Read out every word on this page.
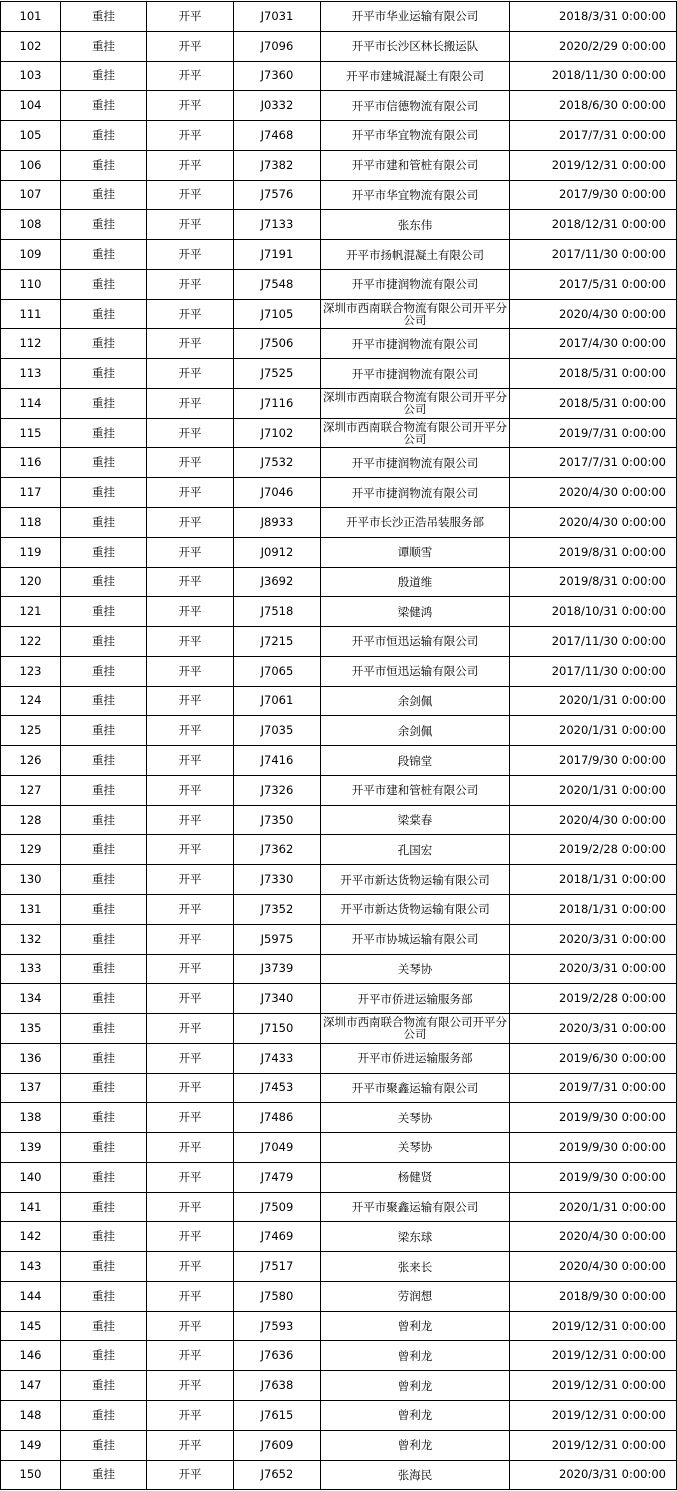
101	重挂	开平	J7031	开平市华业运输有限公司	2018/3/31 0:00:00
102	重挂	开平	J7096	开平市长沙区林长搬运队	2020/2/29 0:00:00
103	重挂	开平	J7360	开平市建城混凝土有限公司	2018/11/30 0:00:00
104	重挂	开平	J0332	开平市信德物流有限公司	2018/6/30 0:00:00
105	重挂	开平	J7468	开平市华宜物流有限公司	2017/7/31 0:00:00
106	重挂	开平	J7382	开平市建和管桩有限公司	2019/12/31 0:00:00
107	重挂	开平	J7576	开平市华宜物流有限公司	2017/9/30 0:00:00
108	重挂	开平	J7133	张东伟	2018/12/31 0:00:00
109	重挂	开平	J7191	开平市扬帆混凝土有限公司	2017/11/30 0:00:00
110	重挂	开平	J7548	开平市捷润物流有限公司	2017/5/31 0:00:00
111	重挂	开平	J7105	深圳市西南联合物流有限公司开平分公司	2020/4/30 0:00:00
112	重挂	开平	J7506	开平市捷润物流有限公司	2017/4/30 0:00:00
113	重挂	开平	J7525	开平市捷润物流有限公司	2018/5/31 0:00:00
114	重挂	开平	J7116	深圳市西南联合物流有限公司开平分公司	2018/5/31 0:00:00
115	重挂	开平	J7102	深圳市西南联合物流有限公司开平分公司	2019/7/31 0:00:00
116	重挂	开平	J7532	开平市捷润物流有限公司	2017/7/31 0:00:00
117	重挂	开平	J7046	开平市捷润物流有限公司	2020/4/30 0:00:00
118	重挂	开平	J8933	开平市长沙正浩吊装服务部	2020/4/30 0:00:00
119	重挂	开平	J0912	谭顺雪	2019/8/31 0:00:00
120	重挂	开平	J3692	殷道维	2019/8/31 0:00:00
121	重挂	开平	J7518	梁健鸿	2018/10/31 0:00:00
122	重挂	开平	J7215	开平市恒迅运输有限公司	2017/11/30 0:00:00
123	重挂	开平	J7065	开平市恒迅运输有限公司	2017/11/30 0:00:00
124	重挂	开平	J7061	余剑佩	2020/1/31 0:00:00
125	重挂	开平	J7035	余剑佩	2020/1/31 0:00:00
126	重挂	开平	J7416	段锦堂	2017/9/30 0:00:00
127	重挂	开平	J7326	开平市建和管桩有限公司	2020/1/31 0:00:00
128	重挂	开平	J7350	梁棠春	2020/4/30 0:00:00
129	重挂	开平	J7362	孔国宏	2019/2/28 0:00:00
130	重挂	开平	J7330	开平市新达货物运输有限公司	2018/1/31 0:00:00
131	重挂	开平	J7352	开平市新达货物运输有限公司	2018/1/31 0:00:00
132	重挂	开平	J5975	开平市协城运输有限公司	2020/3/31 0:00:00
133	重挂	开平	J3739	关琴协	2020/3/31 0:00:00
134	重挂	开平	J7340	开平市侨进运输服务部	2019/2/28 0:00:00
135	重挂	开平	J7150	深圳市西南联合物流有限公司开平分公司	2020/3/31 0:00:00
136	重挂	开平	J7433	开平市侨进运输服务部	2019/6/30 0:00:00
137	重挂	开平	J7453	开平市聚鑫运输有限公司	2019/7/31 0:00:00
138	重挂	开平	J7486	关琴协	2019/9/30 0:00:00
139	重挂	开平	J7049	关琴协	2019/9/30 0:00:00
140	重挂	开平	J7479	杨健贤	2019/9/30 0:00:00
141	重挂	开平	J7509	开平市聚鑫运输有限公司	2020/1/31 0:00:00
142	重挂	开平	J7469	梁东球	2020/4/30 0:00:00
143	重挂	开平	J7517	张来长	2020/4/30 0:00:00
144	重挂	开平	J7580	劳润想	2018/9/30 0:00:00
145	重挂	开平	J7593	曾利龙	2019/12/31 0:00:00
146	重挂	开平	J7636	曾利龙	2019/12/31 0:00:00
147	重挂	开平	J7638	曾利龙	2019/12/31 0:00:00
148	重挂	开平	J7615	曾利龙	2019/12/31 0:00:00
149	重挂	开平	J7609	曾利龙	2019/12/31 0:00:00
150	重挂	开平	J7652	张海民	2020/3/31 0:00:00
